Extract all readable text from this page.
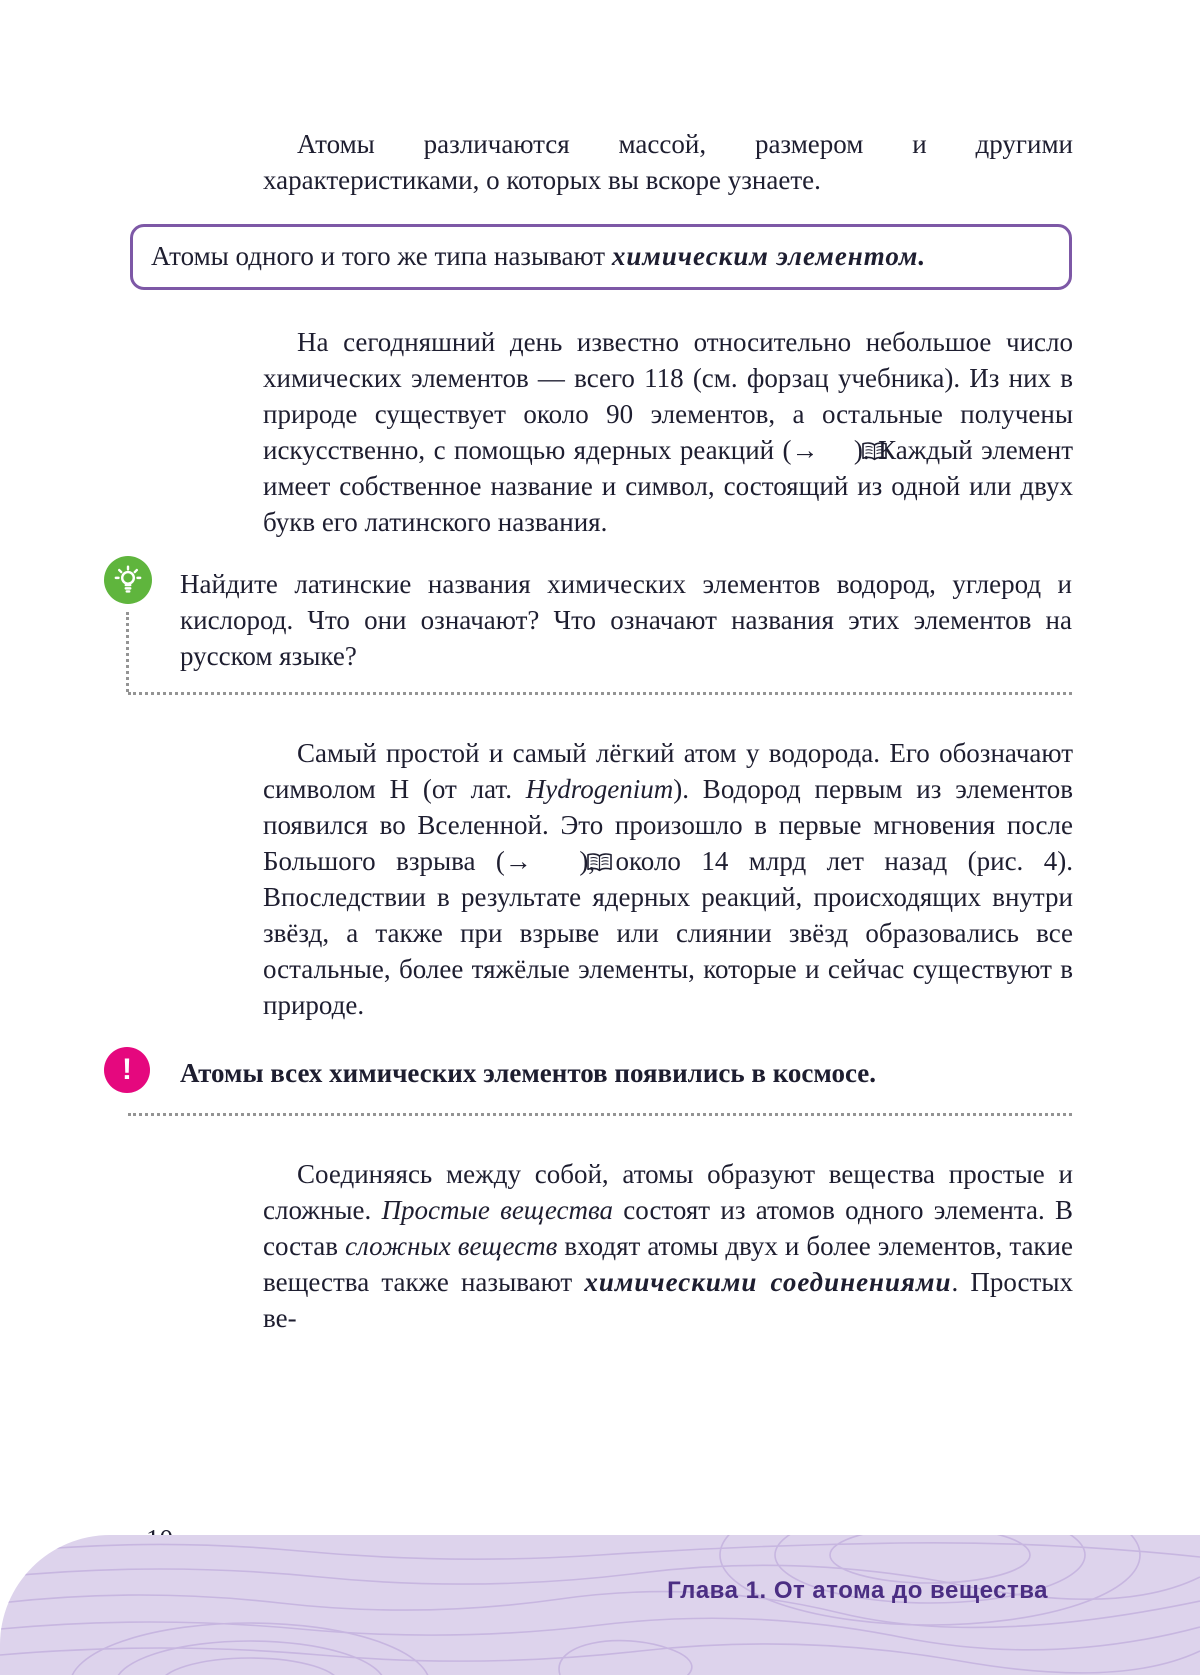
Атомы различаются массой, размером и другими характеристиками, о которых вы вскоре узнаете.

Атомы одного и того же типа называют химическим элементом.

На сегодняшний день известно относительно небольшое число химических элементов — всего 118 (см. форзац учебника). Из них в природе существует около 90 элементов, а остальные получены искусственно, с помощью ядерных реакций (→ ). Каждый элемент имеет собственное название и символ, состоящий из одной или двух букв его латинского названия.

Найдите латинские названия химических элементов водород, углерод и кислород. Что они означают? Что означают названия этих элементов на русском языке?

Самый простой и самый лёгкий атом у водорода. Его обозначают символом H (от лат. Hydrogenium). Водород первым из элементов появился во Вселенной. Это произошло в первые мгновения после Большого взрыва (→ ), около 14 млрд лет назад (рис. 4). Впоследствии в результате ядерных реакций, происходящих внутри звёзд, а также при взрыве или слиянии звёзд образовались все остальные, более тяжёлые элементы, которые и сейчас существуют в природе.

! Атомы всех химических элементов появились в космосе.

Соединяясь между собой, атомы образуют вещества простые и сложные. Простые вещества состоят из атомов одного элемента. В состав сложных веществ входят атомы двух и более элементов, такие вещества также называют химическими соединениями. Простых ве-

Глава 1. От атома до вещества
